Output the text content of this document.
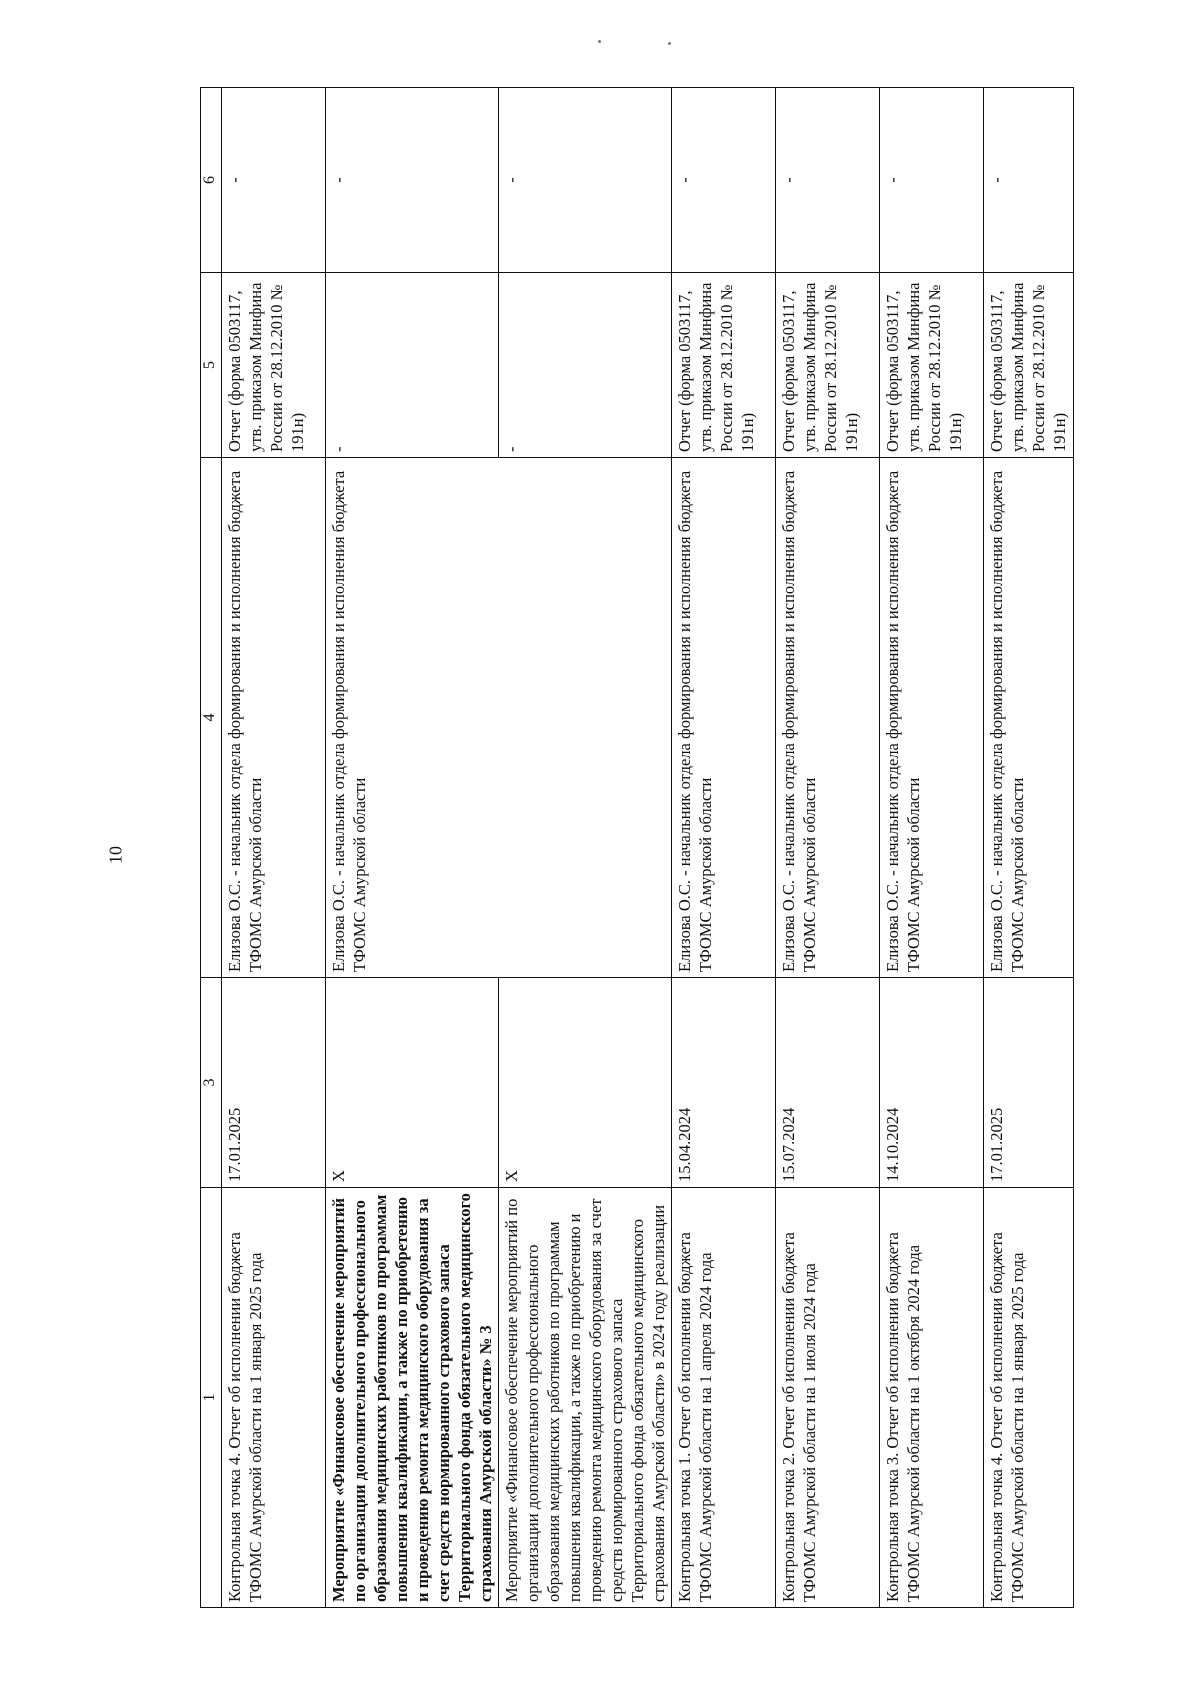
10
1	3	4	5	6
Контрольная точка 4. Отчет об исполнении бюджета ТФОМС Амурской области на 1 января 2025 года	17.01.2025	Елизова О.С. - начальник отдела формирования и исполнения бюджета ТФОМС Амурской области	Отчет (форма 0503117, утв. приказом Минфина России от 28.12.2010 № 191н)	-
Мероприятие «Финансовое обеспечение мероприятий по организации дополнительного профессионального образования медицинских работников по программам повышения квалификации, а также по приобретению и проведению ремонта медицинского оборудования за счет средств нормированного страхового запаса Территориального фонда обязательного медицинского страхования Амурской области» № 3	Х	Елизова О.С. - начальник отдела формирования и исполнения бюджета ТФОМС Амурской области	-	-
Мероприятие «Финансовое обеспечение мероприятий по организации дополнительного профессионального образования медицинских работников по программам повышения квалификации, а также по приобретению и проведению ремонта медицинского оборудования за счет средств нормированного страхового запаса Территориального фонда обязательного медицинского страхования Амурской области» в 2024 году реализации	Х		-	-
Контрольная точка 1. Отчет об исполнении бюджета ТФОМС Амурской области на 1 апреля 2024 года	15.04.2024	Елизова О.С. - начальник отдела формирования и исполнения бюджета ТФОМС Амурской области	Отчет (форма 0503117, утв. приказом Минфина России от 28.12.2010 № 191н)	-
Контрольная точка 2. Отчет об исполнении бюджета ТФОМС Амурской области на 1 июля 2024 года	15.07.2024	Елизова О.С. - начальник отдела формирования и исполнения бюджета ТФОМС Амурской области	Отчет (форма 0503117, утв. приказом Минфина России от 28.12.2010 № 191н)	-
Контрольная точка 3. Отчет об исполнении бюджета ТФОМС Амурской области на 1 октября 2024 года	14.10.2024	Елизова О.С. - начальник отдела формирования и исполнения бюджета ТФОМС Амурской области	Отчет (форма 0503117, утв. приказом Минфина России от 28.12.2010 № 191н)	-
Контрольная точка 4. Отчет об исполнении бюджета ТФОМС Амурской области на 1 января 2025 года	17.01.2025	Елизова О.С. - начальник отдела формирования и исполнения бюджета ТФОМС Амурской области	Отчет (форма 0503117, утв. приказом Минфина России от 28.12.2010 № 191н)	-
